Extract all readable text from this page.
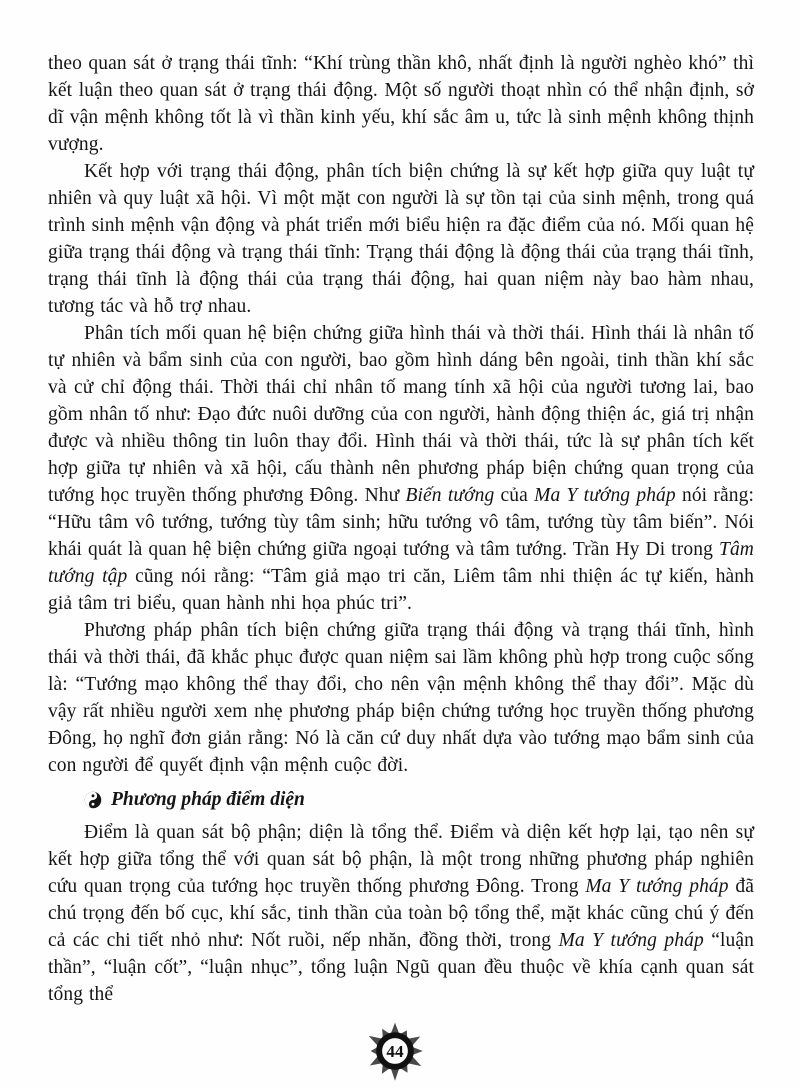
theo quan sát ở trạng thái tĩnh: “Khí trùng thần khô, nhất định là người nghèo khó” thì kết luận theo quan sát ở trạng thái động. Một số người thoạt nhìn có thể nhận định, sở dĩ vận mệnh không tốt là vì thần kinh yếu, khí sắc âm u, tức là sinh mệnh không thịnh vượng.

Kết hợp với trạng thái động, phân tích biện chứng là sự kết hợp giữa quy luật tự nhiên và quy luật xã hội. Vì một mặt con người là sự tồn tại của sinh mệnh, trong quá trình sinh mệnh vận động và phát triển mới biểu hiện ra đặc điểm của nó. Mối quan hệ giữa trạng thái động và trạng thái tĩnh: Trạng thái động là động thái của trạng thái tĩnh, trạng thái tĩnh là động thái của trạng thái động, hai quan niệm này bao hàm nhau, tương tác và hỗ trợ nhau.

Phân tích mối quan hệ biện chứng giữa hình thái và thời thái. Hình thái là nhân tố tự nhiên và bẩm sinh của con người, bao gồm hình dáng bên ngoài, tinh thần khí sắc và cử chỉ động thái. Thời thái chỉ nhân tố mang tính xã hội của người tương lai, bao gồm nhân tố như: Đạo đức nuôi dưỡng của con người, hành động thiện ác, giá trị nhận được và nhiều thông tin luôn thay đổi. Hình thái và thời thái, tức là sự phân tích kết hợp giữa tự nhiên và xã hội, cấu thành nên phương pháp biện chứng quan trọng của tướng học truyền thống phương Đông. Như Biến tướng của Ma Y tướng pháp nói rằng: “Hữu tâm vô tướng, tướng tùy tâm sinh; hữu tướng vô tâm, tướng tùy tâm biến”. Nói khái quát là quan hệ biện chứng giữa ngoại tướng và tâm tướng. Trần Hy Di trong Tâm tướng tập cũng nói rằng: “Tâm giả mạo tri căn, Liêm tâm nhi thiện ác tự kiến, hành giả tâm tri biểu, quan hành nhi họa phúc tri”.

Phương pháp phân tích biện chứng giữa trạng thái động và trạng thái tĩnh, hình thái và thời thái, đã khắc phục được quan niệm sai lầm không phù hợp trong cuộc sống là: “Tướng mạo không thể thay đổi, cho nên vận mệnh không thể thay đổi”. Mặc dù vậy rất nhiều người xem nhẹ phương pháp biện chứng tướng học truyền thống phương Đông, họ nghĩ đơn giản rằng: Nó là căn cứ duy nhất dựa vào tướng mạo bẩm sinh của con người để quyết định vận mệnh cuộc đời.

Phương pháp điểm diện

Điểm là quan sát bộ phận; diện là tổng thể. Điểm và diện kết hợp lại, tạo nên sự kết hợp giữa tổng thể với quan sát bộ phận, là một trong những phương pháp nghiên cứu quan trọng của tướng học truyền thống phương Đông. Trong Ma Y tướng pháp đã chú trọng đến bố cục, khí sắc, tinh thần của toàn bộ tổng thể, mặt khác cũng chú ý đến cả các chi tiết nhỏ như: Nốt ruồi, nếp nhăn, đồng thời, trong Ma Y tướng pháp “luận thần”, “luận cốt”, “luận nhục”, tổng luận Ngũ quan đều thuộc về khía cạnh quan sát tổng thể

44
